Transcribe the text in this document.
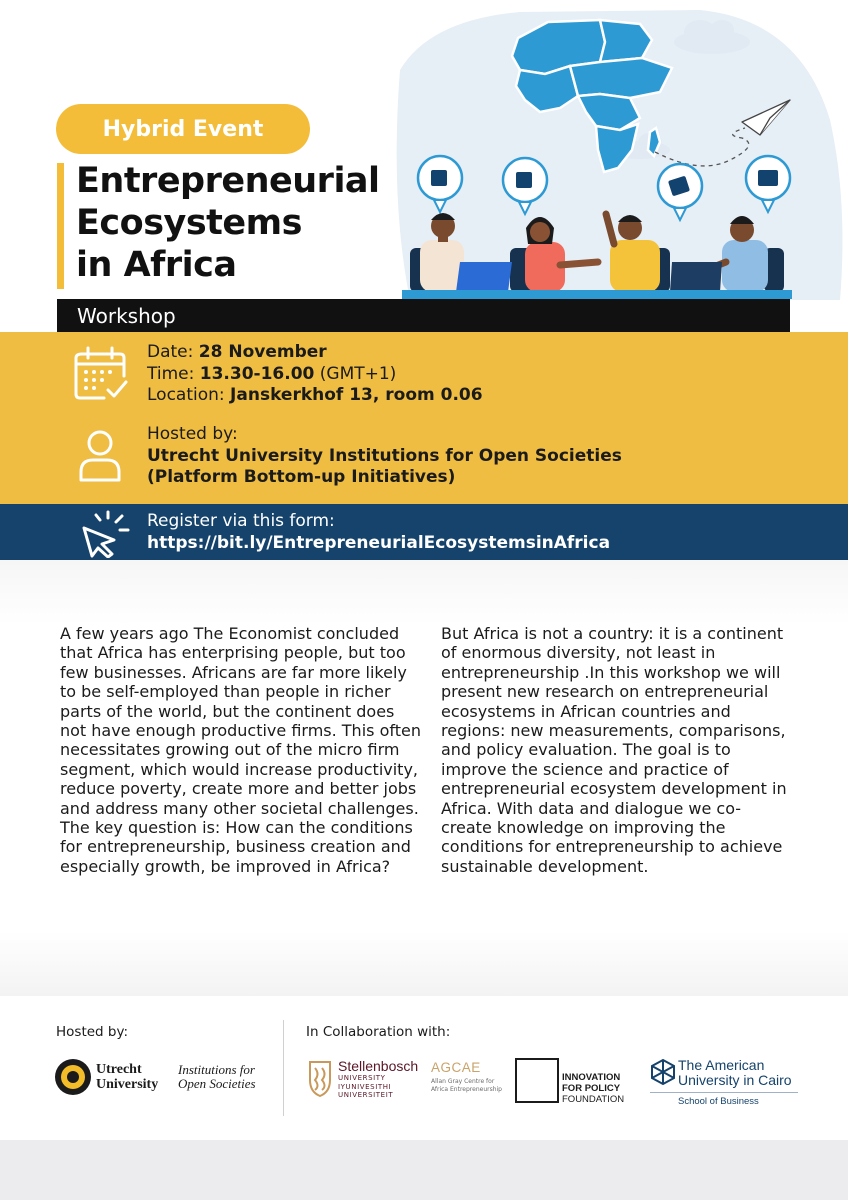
Hybrid Event
Entrepreneurial
Ecosystems
in Africa
Workshop
Date: 28 November
Time: 13.30-16.00 (GMT+1)
Location: Janskerkhof 13, room 0.06
Hosted by:
Utrecht University Institutions for Open Societies
(Platform Bottom-up Initiatives)
Register via this form:
https://bit.ly/EntrepreneurialEcosystemsinAfrica

A few years ago The Economist concluded that Africa has enterprising people, but too few businesses. Africans are far more likely to be self-employed than people in richer parts of the world, but the continent does not have enough productive firms. This often necessitates growing out of the micro firm segment, which would increase productivity, reduce poverty, create more and better jobs and address many other societal challenges. The key question is: How can the conditions for entrepreneurship, business creation and especially growth, be improved in Africa?

But Africa is not a country: it is a continent of enormous diversity, not least in entrepreneurship .In this workshop we will present new research on entrepreneurial ecosystems in African countries and regions: new measurements, comparisons, and policy evaluation. The goal is to improve the science and practice of entrepreneurial ecosystem development in Africa. With data and dialogue we co-create knowledge on improving the conditions for entrepreneurship to achieve sustainable development.

Hosted by:	In Collaboration with:
Utrecht
University
Institutions for
Open Societies
Stellenbosch
UNIVERSITY
IYUNIVESITHI
UNIVERSITEIT
AGCAE
Allan Gray Centre for
Africa Entrepreneurship
INNOVATION
FOR POLICY
FOUNDATION
The American
University in Cairo
School of Business
